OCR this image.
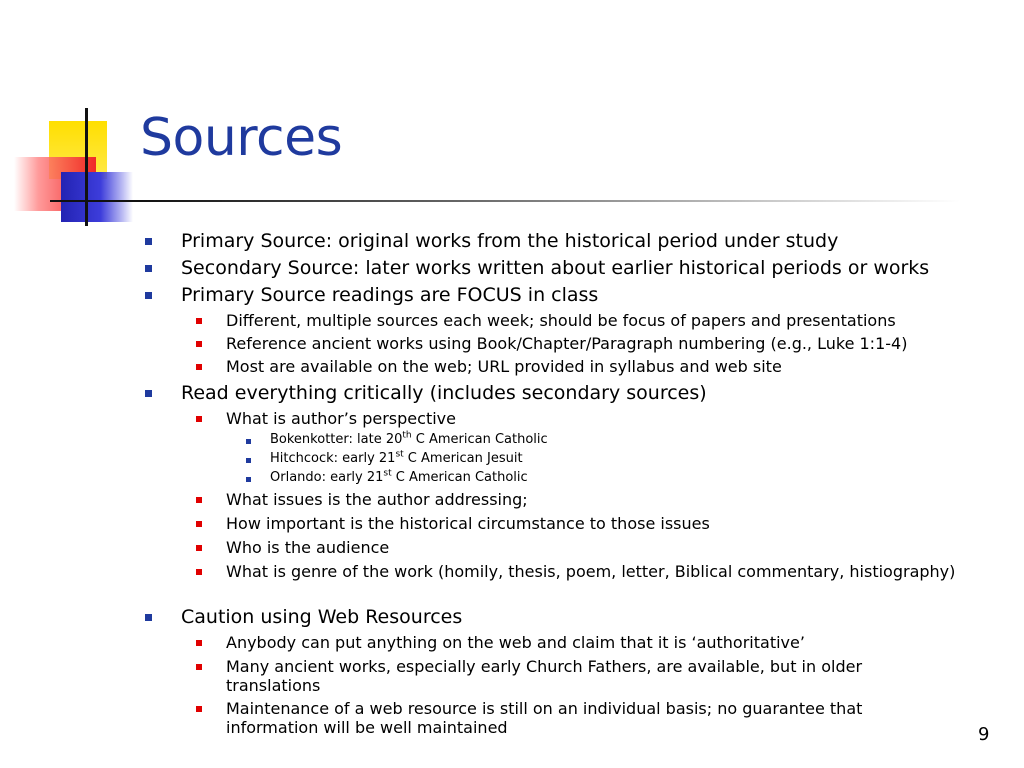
Sources
Primary Source: original works from the historical period under study
Secondary Source: later works written about earlier historical periods or works
Primary Source readings are FOCUS in class
Different, multiple sources each week; should be focus of papers and presentations
Reference ancient works using Book/Chapter/Paragraph numbering (e.g., Luke 1:1-4)
Most are available on the web; URL provided in syllabus and web site
Read everything critically (includes secondary sources)
What is author’s perspective
Bokenkotter: late 20th C American Catholic
Hitchcock: early 21st C American Jesuit
Orlando: early 21st C American Catholic
What issues is the author addressing;
How important is the historical circumstance to those issues
Who is the audience
What is genre of the work (homily, thesis, poem, letter, Biblical commentary, histiography)
Caution using Web Resources
Anybody can put anything on the web and claim that it is ‘authoritative’
Many ancient works, especially early Church Fathers, are available, but in older translations
Maintenance of a web resource is still on an individual basis; no guarantee that information will be well maintained	9
